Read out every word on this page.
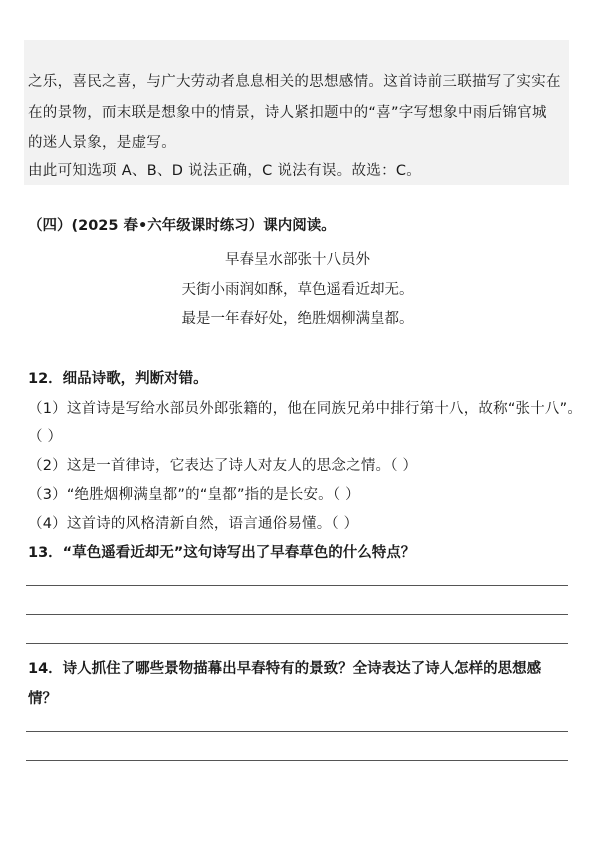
之乐，喜民之喜，与广大劳动者息息相关的思想感情。这首诗前三联描写了实实在
在的景物，而末联是想象中的情景，诗人紧扣题中的“喜”字写想象中雨后锦官城
的迷人景象，是虚写。
由此可知选项 A、B、D 说法正确，C 说法有误。故选：C。
（四）(2025 春•六年级课时练习）课内阅读。
早春呈水部张十八员外
天街小雨润如酥，草色遥看近却无。
最是一年春好处，绝胜烟柳满皇都。
12．细品诗歌，判断对错。
（1）这首诗是写给水部员外郎张籍的，他在同族兄弟中排行第十八，故称“张十八”。
（ ）
（2）这是一首律诗，它表达了诗人对友人的思念之情。（ ）
（3）“绝胜烟柳满皇都”的“皇都”指的是长安。（ ）
（4）这首诗的风格清新自然，语言通俗易懂。（ ）
13．“草色遥看近却无”这句诗写出了早春草色的什么特点？
14．诗人抓住了哪些景物描幕出早春特有的景致？全诗表达了诗人怎样的思想感
情？
